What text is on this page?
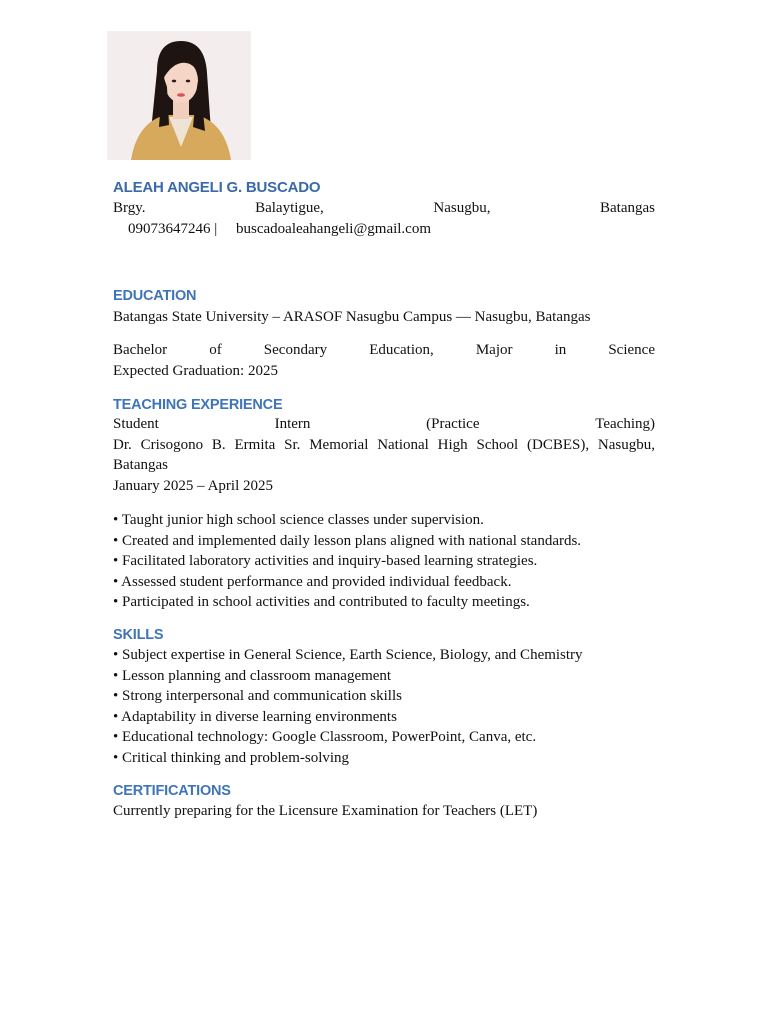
ALEAH ANGELI G. BUSCADO
Brgy.	Balaytigue,	Nasugbu,	Batangas
09073647246 | buscadoaleahangeli@gmail.com
EDUCATION
Batangas State University – ARASOF Nasugbu Campus — Nasugbu, Batangas
Bachelor	of	Secondary	Education,	Major	in	Science
Expected Graduation: 2025
TEACHING EXPERIENCE
Student	Intern	(Practice	Teaching)
Dr. Crisogono B. Ermita Sr. Memorial National High School (DCBES), Nasugbu, Batangas
January 2025 – April 2025
• Taught junior high school science classes under supervision.
• Created and implemented daily lesson plans aligned with national standards.
• Facilitated laboratory activities and inquiry-based learning strategies.
• Assessed student performance and provided individual feedback.
• Participated in school activities and contributed to faculty meetings.
SKILLS
• Subject expertise in General Science, Earth Science, Biology, and Chemistry
• Lesson planning and classroom management
• Strong interpersonal and communication skills
• Adaptability in diverse learning environments
• Educational technology: Google Classroom, PowerPoint, Canva, etc.
• Critical thinking and problem-solving
CERTIFICATIONS
Currently preparing for the Licensure Examination for Teachers (LET)
